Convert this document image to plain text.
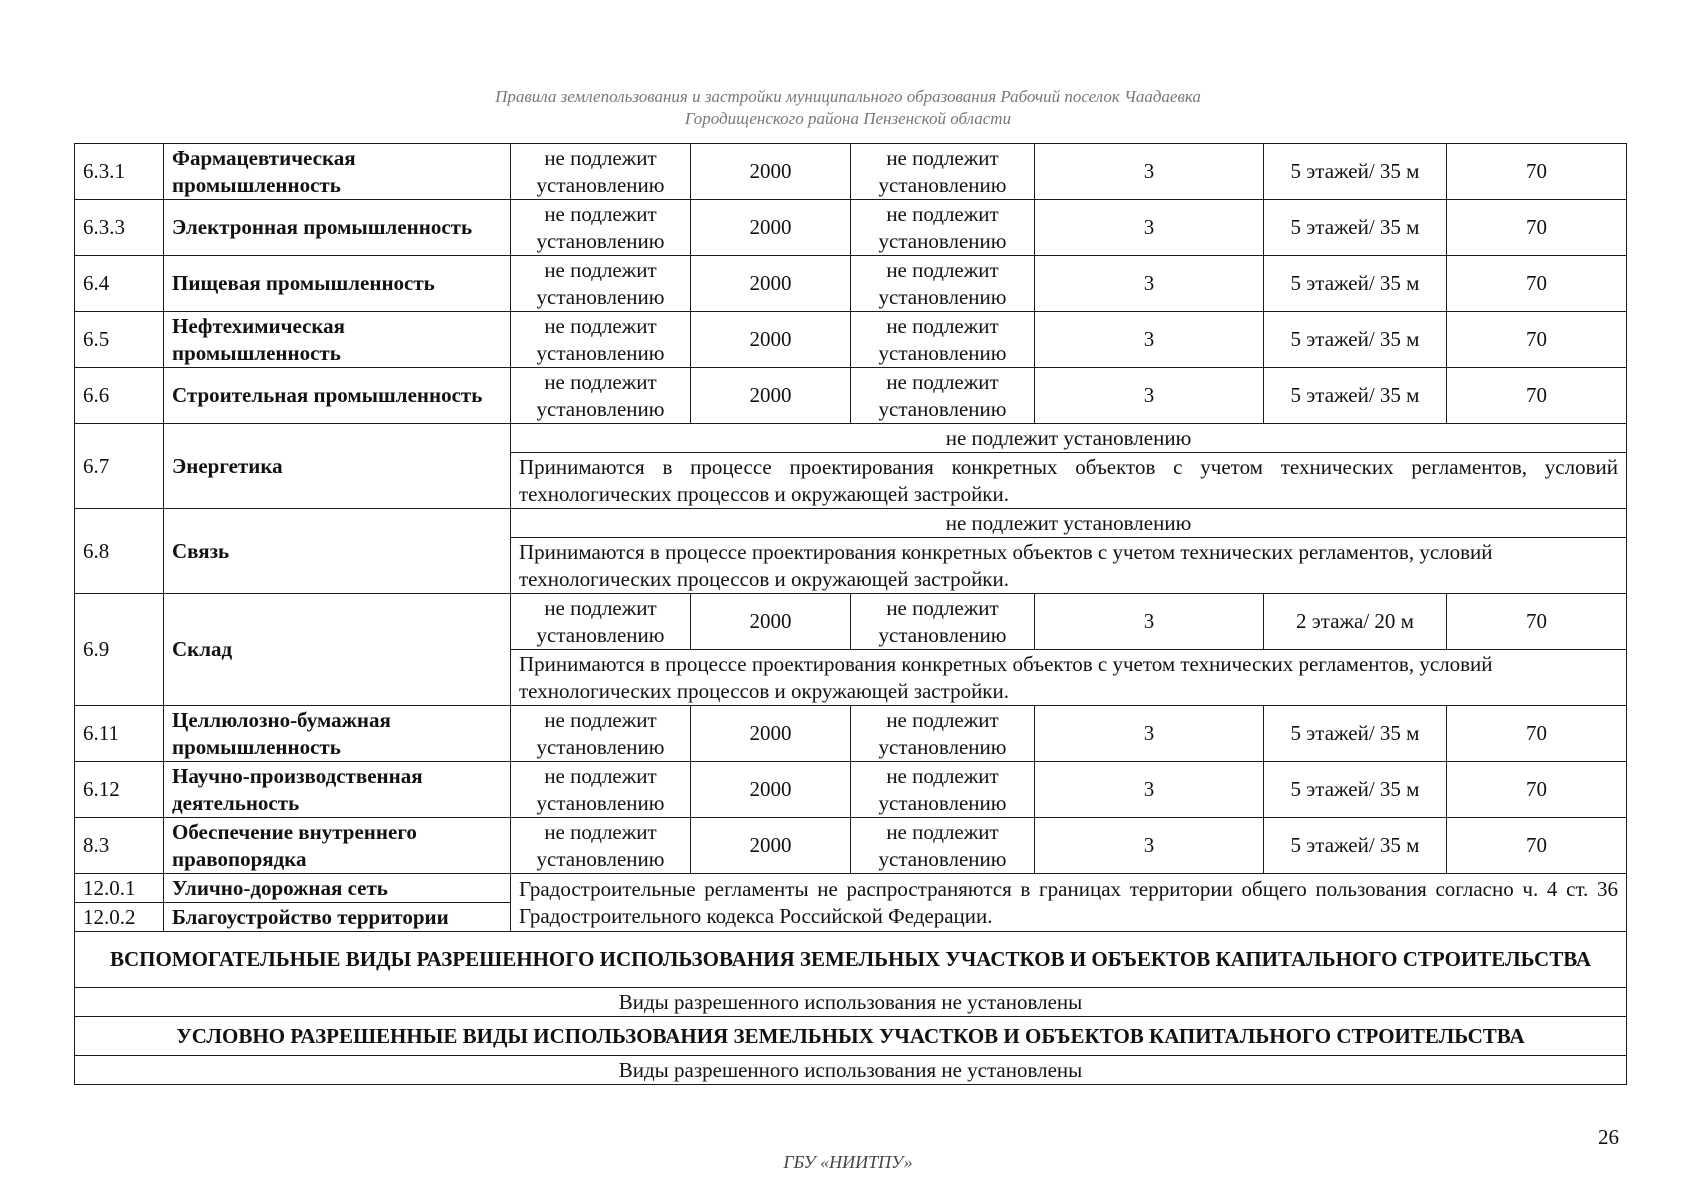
Правила землепользования и застройки муниципального образования Рабочий поселок Чаадаевка
Городищенского района Пензенской области
6.3.1	Фармацевтическая промышленность	не подлежит установлению	2000	не подлежит установлению	3	5 этажей/ 35 м	70
6.3.3	Электронная промышленность	не подлежит установлению	2000	не подлежит установлению	3	5 этажей/ 35 м	70
6.4	Пищевая промышленность	не подлежит установлению	2000	не подлежит установлению	3	5 этажей/ 35 м	70
6.5	Нефтехимическая промышленность	не подлежит установлению	2000	не подлежит установлению	3	5 этажей/ 35 м	70
6.6	Строительная промышленность	не подлежит установлению	2000	не подлежит установлению	3	5 этажей/ 35 м	70
6.7	Энергетика	не подлежит установлению					
		Принимаются в процессе проектирования конкретных объектов с учетом технических регламентов, условий технологических процессов и окружающей застройки.					
6.8	Связь	не подлежит установлению					
		Принимаются в процессе проектирования конкретных объектов с учетом технических регламентов, условий технологических процессов и окружающей застройки.					
6.9	Склад	не подлежит установлению	2000	не подлежит установлению	3	2 этажа/ 20 м	70
		Принимаются в процессе проектирования конкретных объектов с учетом технических регламентов, условий технологических процессов и окружающей застройки.					
6.11	Целлюлозно-бумажная промышленность	не подлежит установлению	2000	не подлежит установлению	3	5 этажей/ 35 м	70
6.12	Научно-производственная деятельность	не подлежит установлению	2000	не подлежит установлению	3	5 этажей/ 35 м	70
8.3	Обеспечение внутреннего правопорядка	не подлежит установлению	2000	не подлежит установлению	3	5 этажей/ 35 м	70
12.0.1	Улично-дорожная сеть	Градостроительные регламенты не распространяются в границах территории общего пользования согласно ч. 4 ст. 36 Градостроительного кодекса Российской Федерации.					
12.0.2	Благоустройство территории						
ВСПОМОГАТЕЛЬНЫЕ ВИДЫ РАЗРЕШЕННОГО ИСПОЛЬЗОВАНИЯ ЗЕМЕЛЬНЫХ УЧАСТКОВ И ОБЪЕКТОВ КАПИТАЛЬНОГО СТРОИТЕЛЬСТВА							
Виды разрешенного использования не установлены							
УСЛОВНО РАЗРЕШЕННЫЕ ВИДЫ ИСПОЛЬЗОВАНИЯ ЗЕМЕЛЬНЫХ УЧАСТКОВ И ОБЪЕКТОВ КАПИТАЛЬНОГО СТРОИТЕЛЬСТВА							
Виды разрешенного использования не установлены							
26
ГБУ «НИИТПУ»
